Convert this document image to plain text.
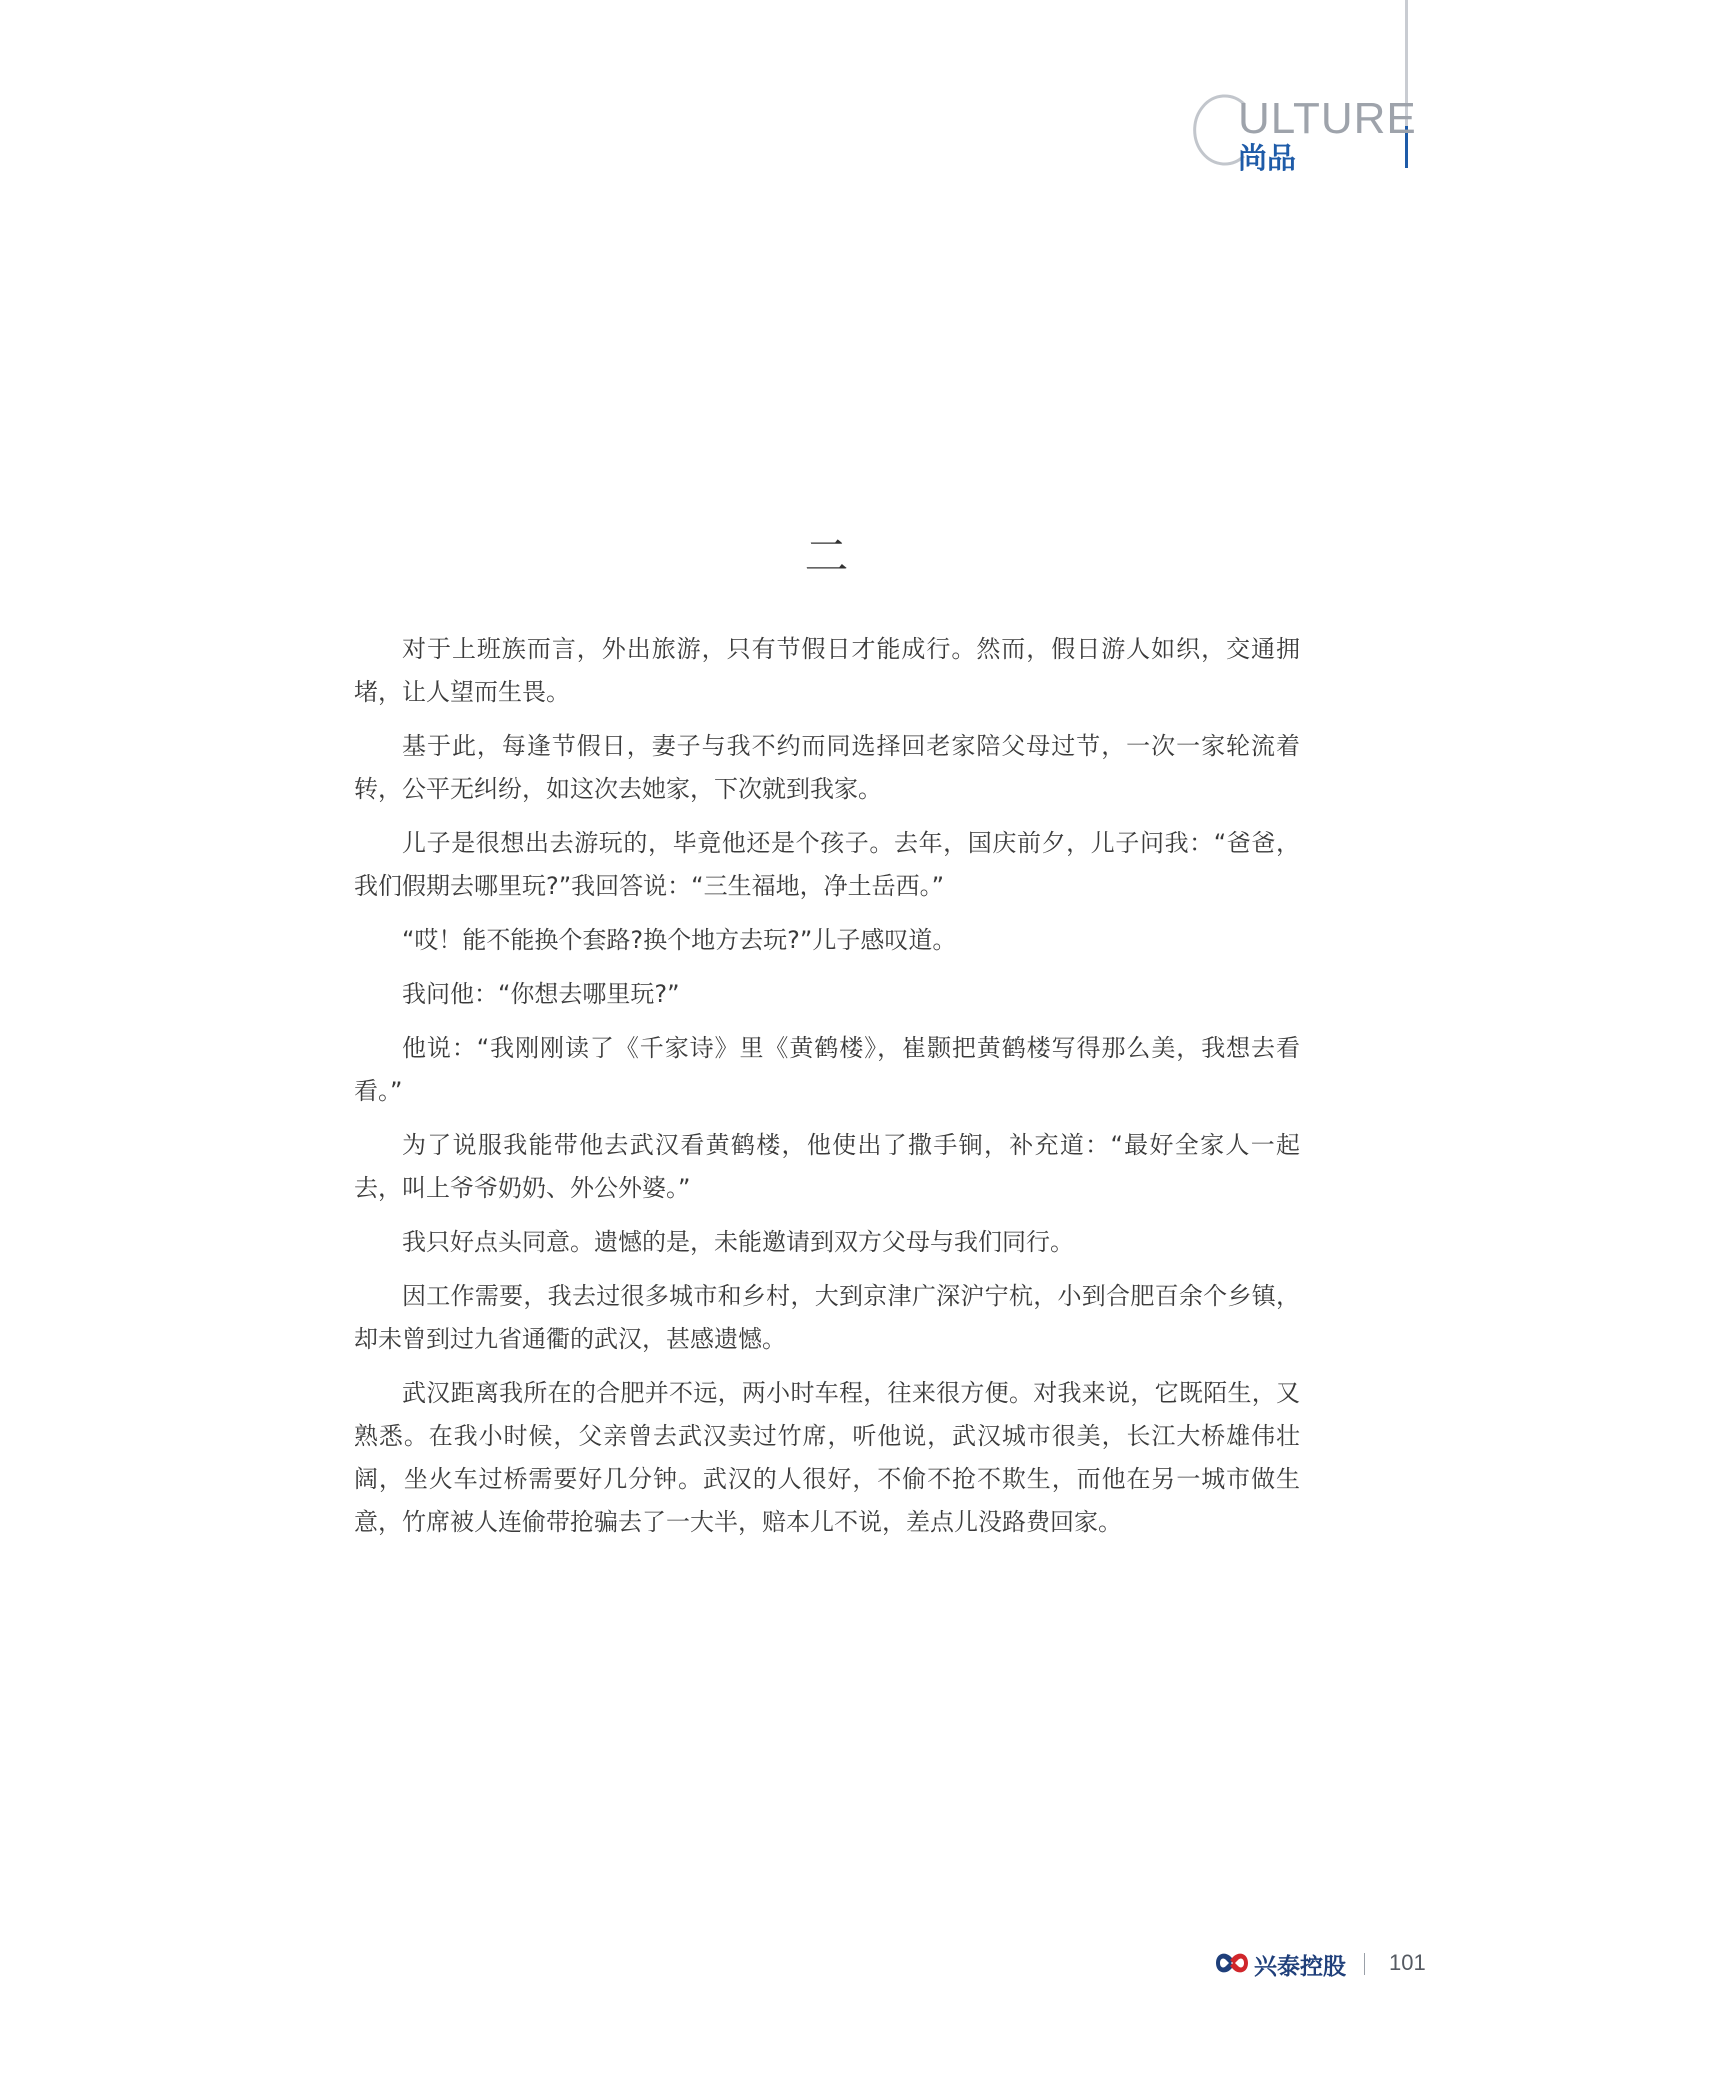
ULTURE
尚品
二

对于上班族而言，外出旅游，只有节假日才能成行。然而，假日游人如织，交通拥堵，让人望而生畏。

基于此，每逢节假日，妻子与我不约而同选择回老家陪父母过节，一次一家轮流着转，公平无纠纷，如这次去她家，下次就到我家。

儿子是很想出去游玩的，毕竟他还是个孩子。去年，国庆前夕，儿子问我：“爸爸，我们假期去哪里玩?”我回答说：“三生福地，净土岳西。”

“哎！能不能换个套路?换个地方去玩?”儿子感叹道。

我问他：“你想去哪里玩?”

他说：“我刚刚读了《千家诗》里《黄鹤楼》，崔颢把黄鹤楼写得那么美，我想去看看。”

为了说服我能带他去武汉看黄鹤楼，他使出了撒手锏，补充道：“最好全家人一起去，叫上爷爷奶奶、外公外婆。”

我只好点头同意。遗憾的是，未能邀请到双方父母与我们同行。

因工作需要，我去过很多城市和乡村，大到京津广深沪宁杭，小到合肥百余个乡镇，却未曾到过九省通衢的武汉，甚感遗憾。

武汉距离我所在的合肥并不远，两小时车程，往来很方便。对我来说，它既陌生，又熟悉。在我小时候，父亲曾去武汉卖过竹席，听他说，武汉城市很美，长江大桥雄伟壮阔，坐火车过桥需要好几分钟。武汉的人很好，不偷不抢不欺生，而他在另一城市做生意，竹席被人连偷带抢骗去了一大半，赔本儿不说，差点儿没路费回家。

兴泰控股 101
